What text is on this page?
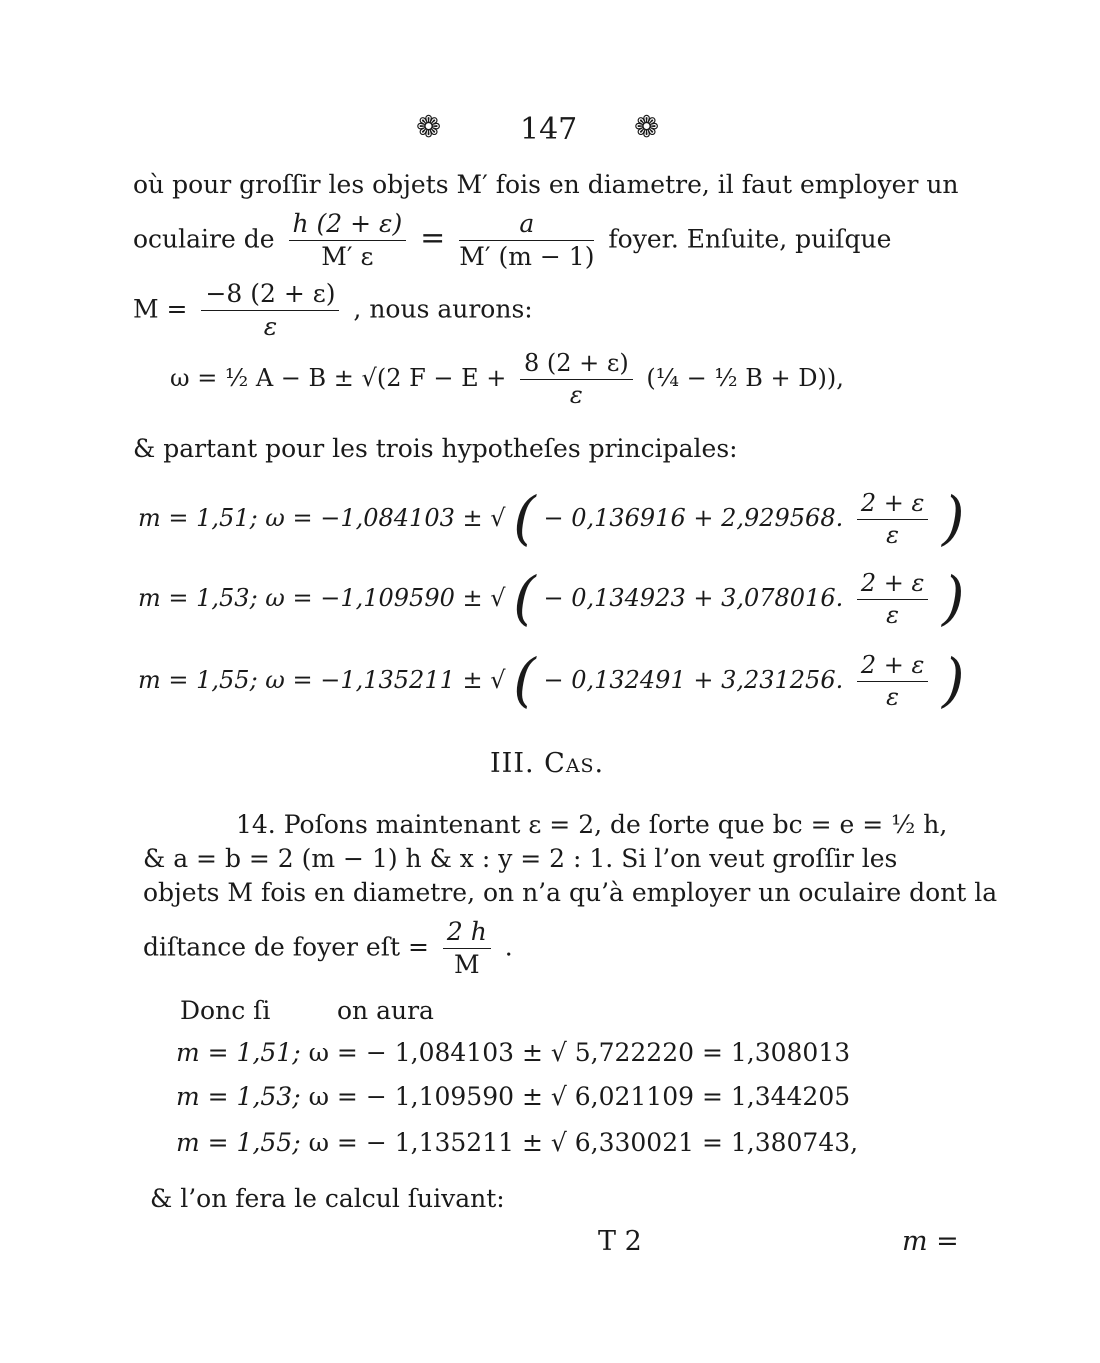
❁	147 ❁
où pour groſſir les objets M′ fois en diametre, il faut employer un
oculaire de $\frac{h (2 + \varepsilon)}{M' \varepsilon} = \frac{a}{M' (m - 1)}$ foyer. Enſuite, puiſque
$M = \frac{-8 (2 + \varepsilon)}{\varepsilon}$ , nous aurons:
ω = ½ A − B ± √(2 $F - E + \frac{8 (2 + \varepsilon)}{\varepsilon}$ (¼ − ½ B + D)),
& partant pour les trois hypotheſes principales:
m = 1,51; ω = −1,084103 ± √ ( − 0,136916 + 2,929568. $\frac{2 + \varepsilon}{\varepsilon}$ )
m = 1,53; ω = −1,109590 ± √ ( − 0,134923 + 3,078016. $\frac{2 + \varepsilon}{\varepsilon}$ )
m = 1,55; ω = −1,135211 ± √ ( − 0,132491 + 3,231256. $\frac{2 + \varepsilon}{\varepsilon}$ )
III. Cas.
14. Poſons maintenant ε = 2, de ſorte que bc = e = ½ h,
& a = b = 2 (m − 1) h & x : y = 2 : 1. Si l’on veut groſſir les
objets M fois en diametre, on n’a qu’à employer un oculaire dont la
diſtance de foyer eſt = $\frac{2 h}{M}$ .
Donc ſi	on aura
m = 1,51; ω = − 1,084103 ± √ 5,722220 = 1,308013
m = 1,53; ω = − 1,109590 ± √ 6,021109 = 1,344205
m = 1,55; ω = − 1,135211 ± √ 6,330021 = 1,380743,
& l’on fera le calcul ſuivant:
T 2	m =
